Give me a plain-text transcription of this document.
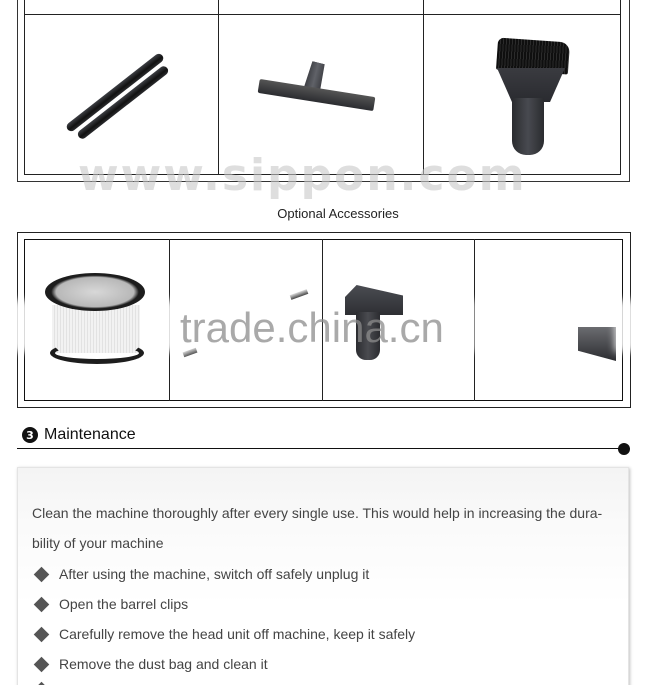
www.sippon.com
Optional Accessories
trade.china.cn
3 Maintenance
Clean the machine thoroughly after every single use. This would help in increasing the dura-
bility of your machine
After using the machine, switch off safely unplug it
Open the barrel clips
Carefully remove the head unit off machine, keep it safely
Remove the dust bag and clean it
